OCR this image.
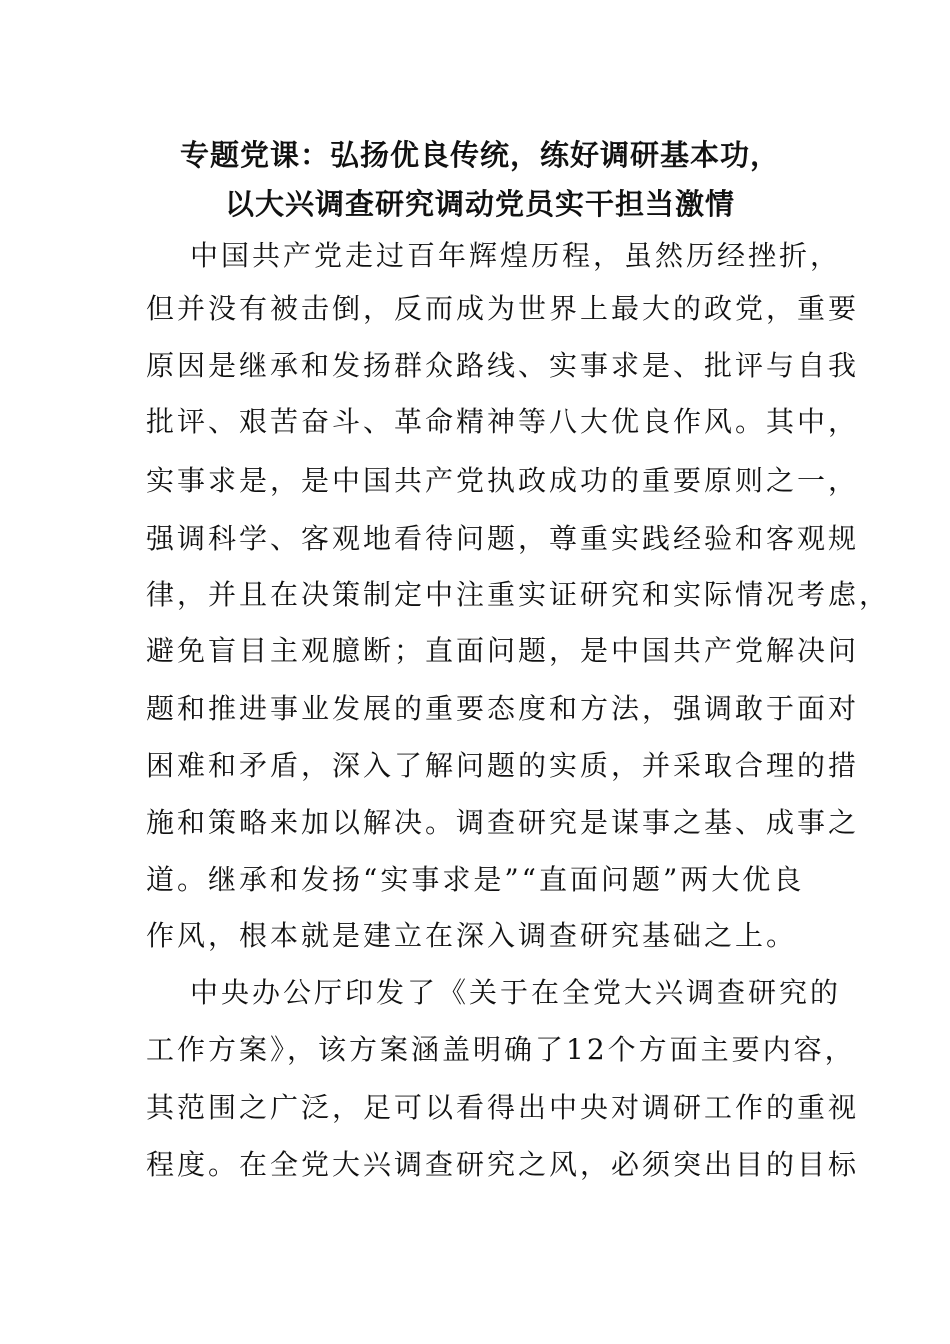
专题党课：弘扬优良传统，练好调研基本功，
以大兴调查研究调动党员实干担当激情
中国共产党走过百年辉煌历程，虽然历经挫折，
但并没有被击倒，反而成为世界上最大的政党，重要
原因是继承和发扬群众路线、实事求是、批评与自我
批评、艰苦奋斗、革命精神等八大优良作风。其中，
实事求是，是中国共产党执政成功的重要原则之一，
强调科学、客观地看待问题，尊重实践经验和客观规
律，并且在决策制定中注重实证研究和实际情况考虑，
避免盲目主观臆断；直面问题，是中国共产党解决问
题和推进事业发展的重要态度和方法，强调敢于面对
困难和矛盾，深入了解问题的实质，并采取合理的措
施和策略来加以解决。调查研究是谋事之基、成事之
道。继承和发扬“实事求是”“直面问题”两大优良
作风，根本就是建立在深入调查研究基础之上。
中央办公厅印发了《关于在全党大兴调查研究的
工作方案》，该方案涵盖明确了12个方面主要内容，
其范围之广泛，足可以看得出中央对调研工作的重视
程度。在全党大兴调查研究之风，必须突出目的目标
